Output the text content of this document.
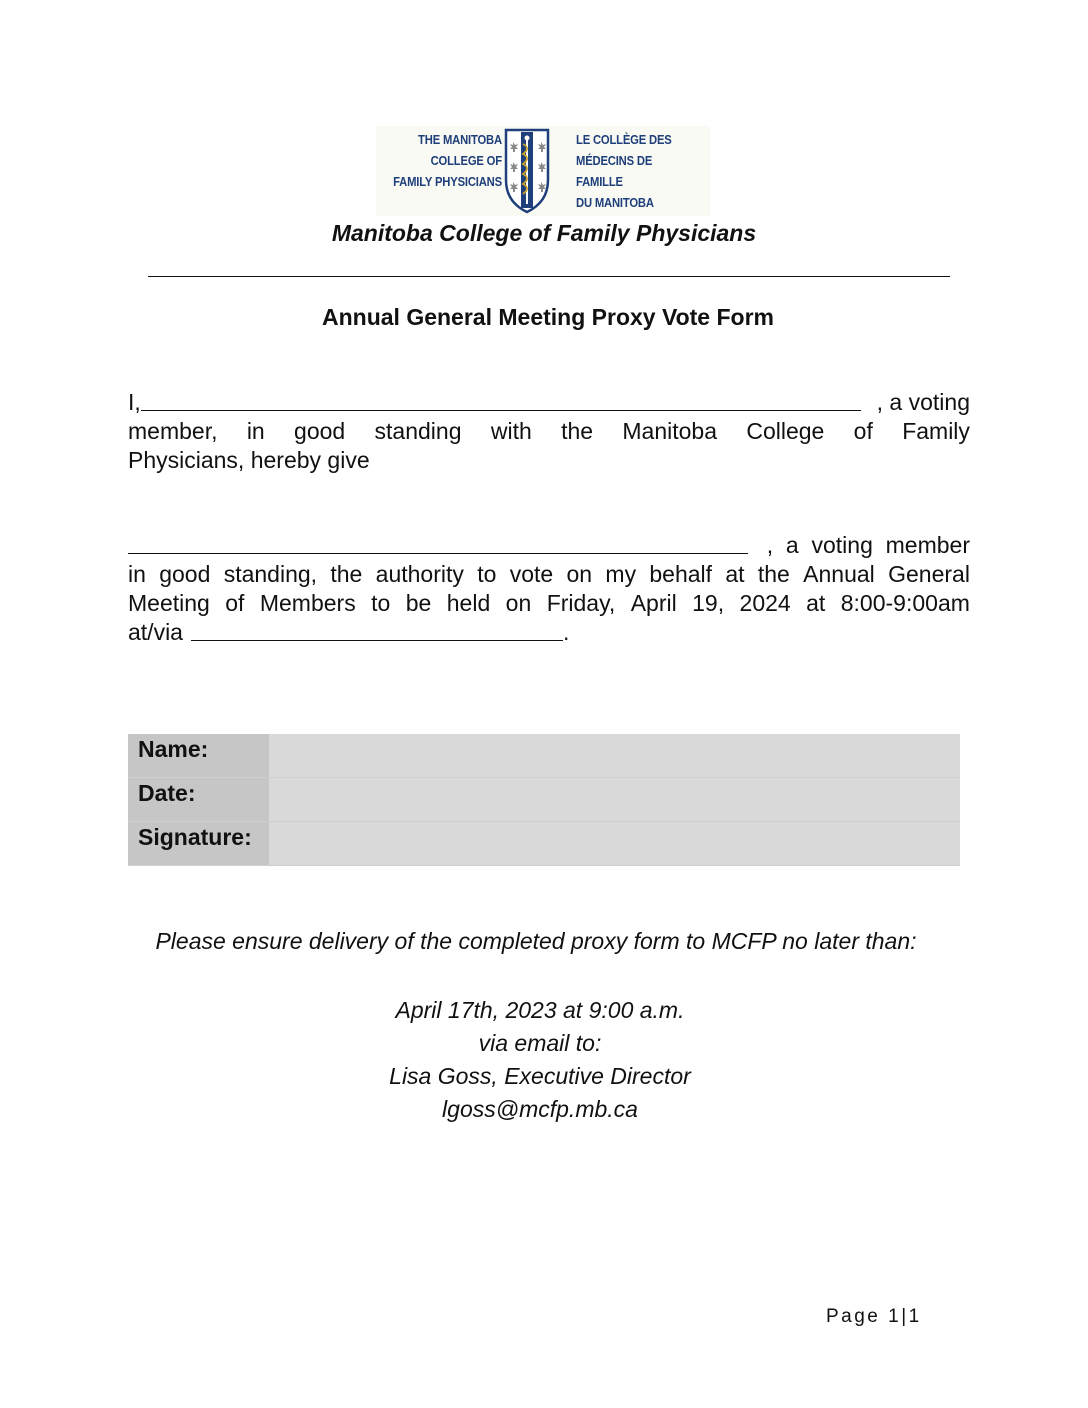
THE MANITOBA
COLLEGE OF
FAMILY PHYSICIANS
LE COLLÈGE DES
MÉDECINS DE FAMILLE
DU MANITOBA
Manitoba College of Family Physicians
Annual General Meeting Proxy Vote Form
I,	, a voting
member, in good standing with the Manitoba College of Family
Physicians, hereby give
,  a  voting  member
in good standing, the authority to vote on my behalf at the Annual General
Meeting of Members to be held on Friday, April 19, 2024 at 8:00-9:00am
at/via	.
Name:	
Date:	
Signature:	
Please ensure delivery of the completed proxy form to MCFP no later than:
April 17th, 2023 at 9:00 a.m.
via email to:
Lisa Goss, Executive Director
lgoss@mcfp.mb.ca
Page 1|1
